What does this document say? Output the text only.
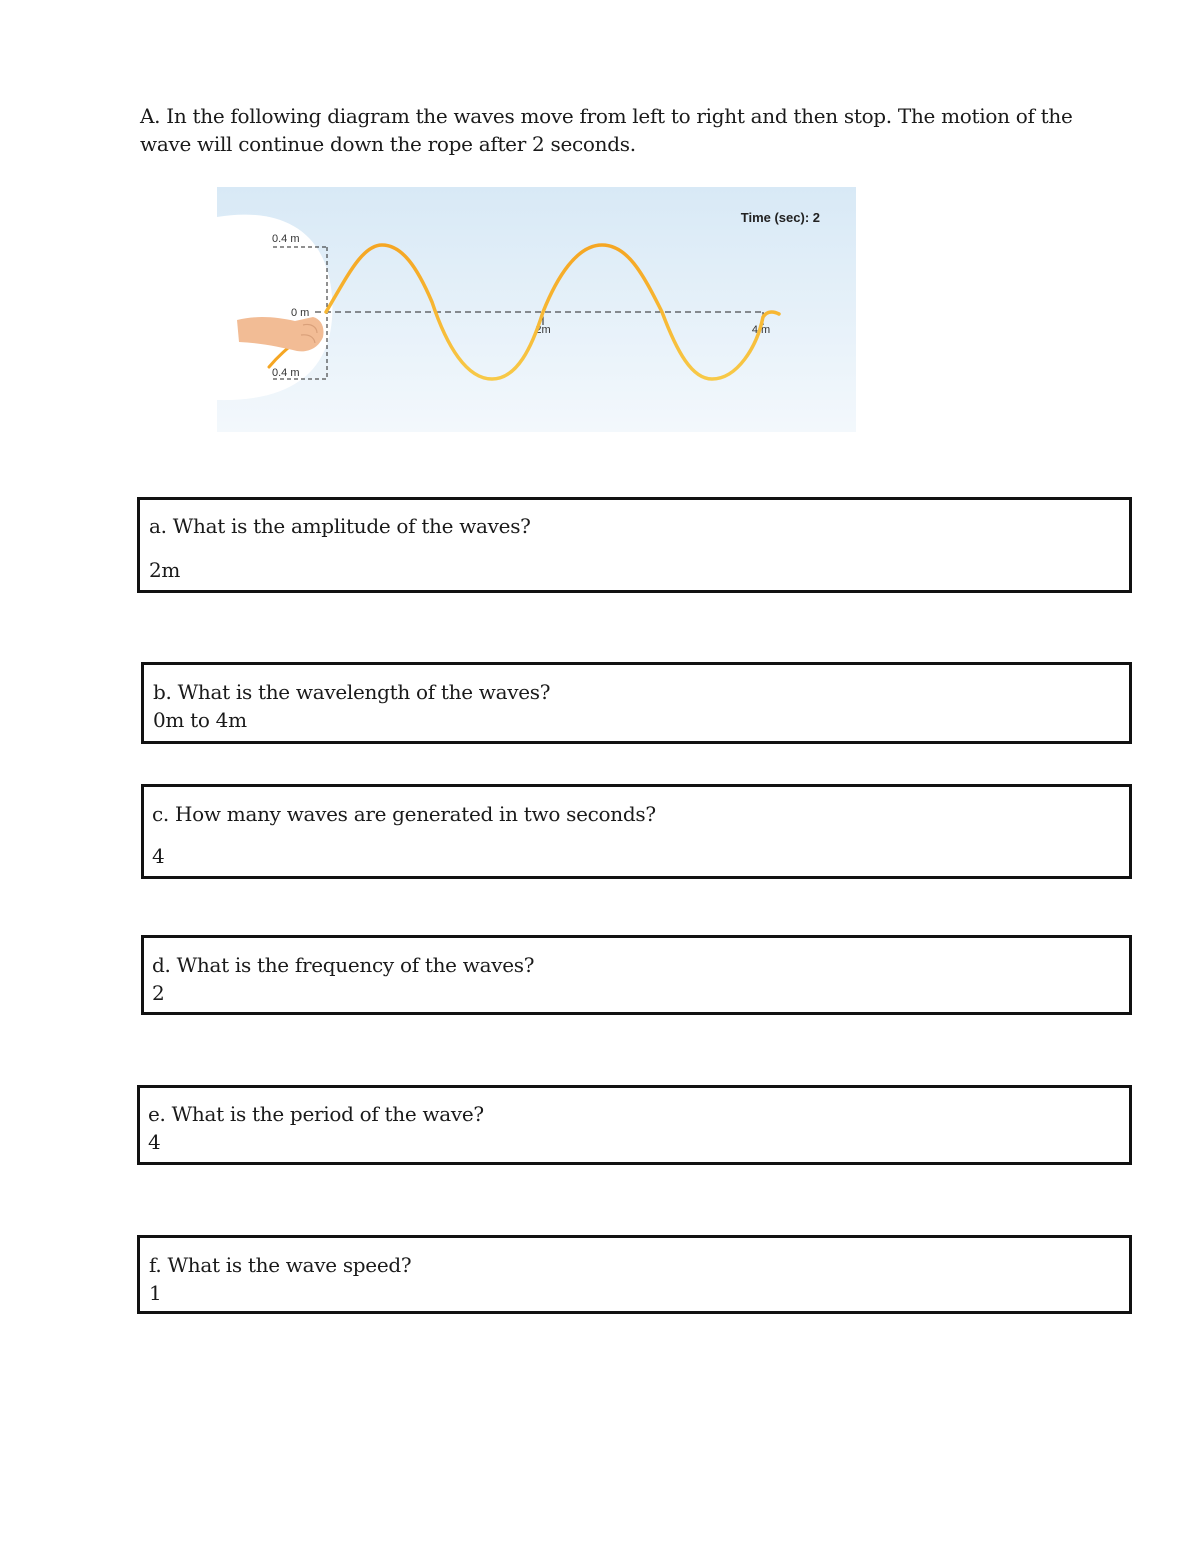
A. In the following diagram the waves move from left to right and then stop. The motion of the wave will continue down the rope after 2 seconds.
Time (sec): 2
0.4 m
0 m
0.4 m
2m	4 m
a. What is the amplitude of the waves?
2m
b. What is the wavelength of the waves?
0m to 4m
c. How many waves are generated in two seconds?
4
d. What is the frequency of the waves?
2
e. What is the period of the wave?
4
f. What is the wave speed?
1
